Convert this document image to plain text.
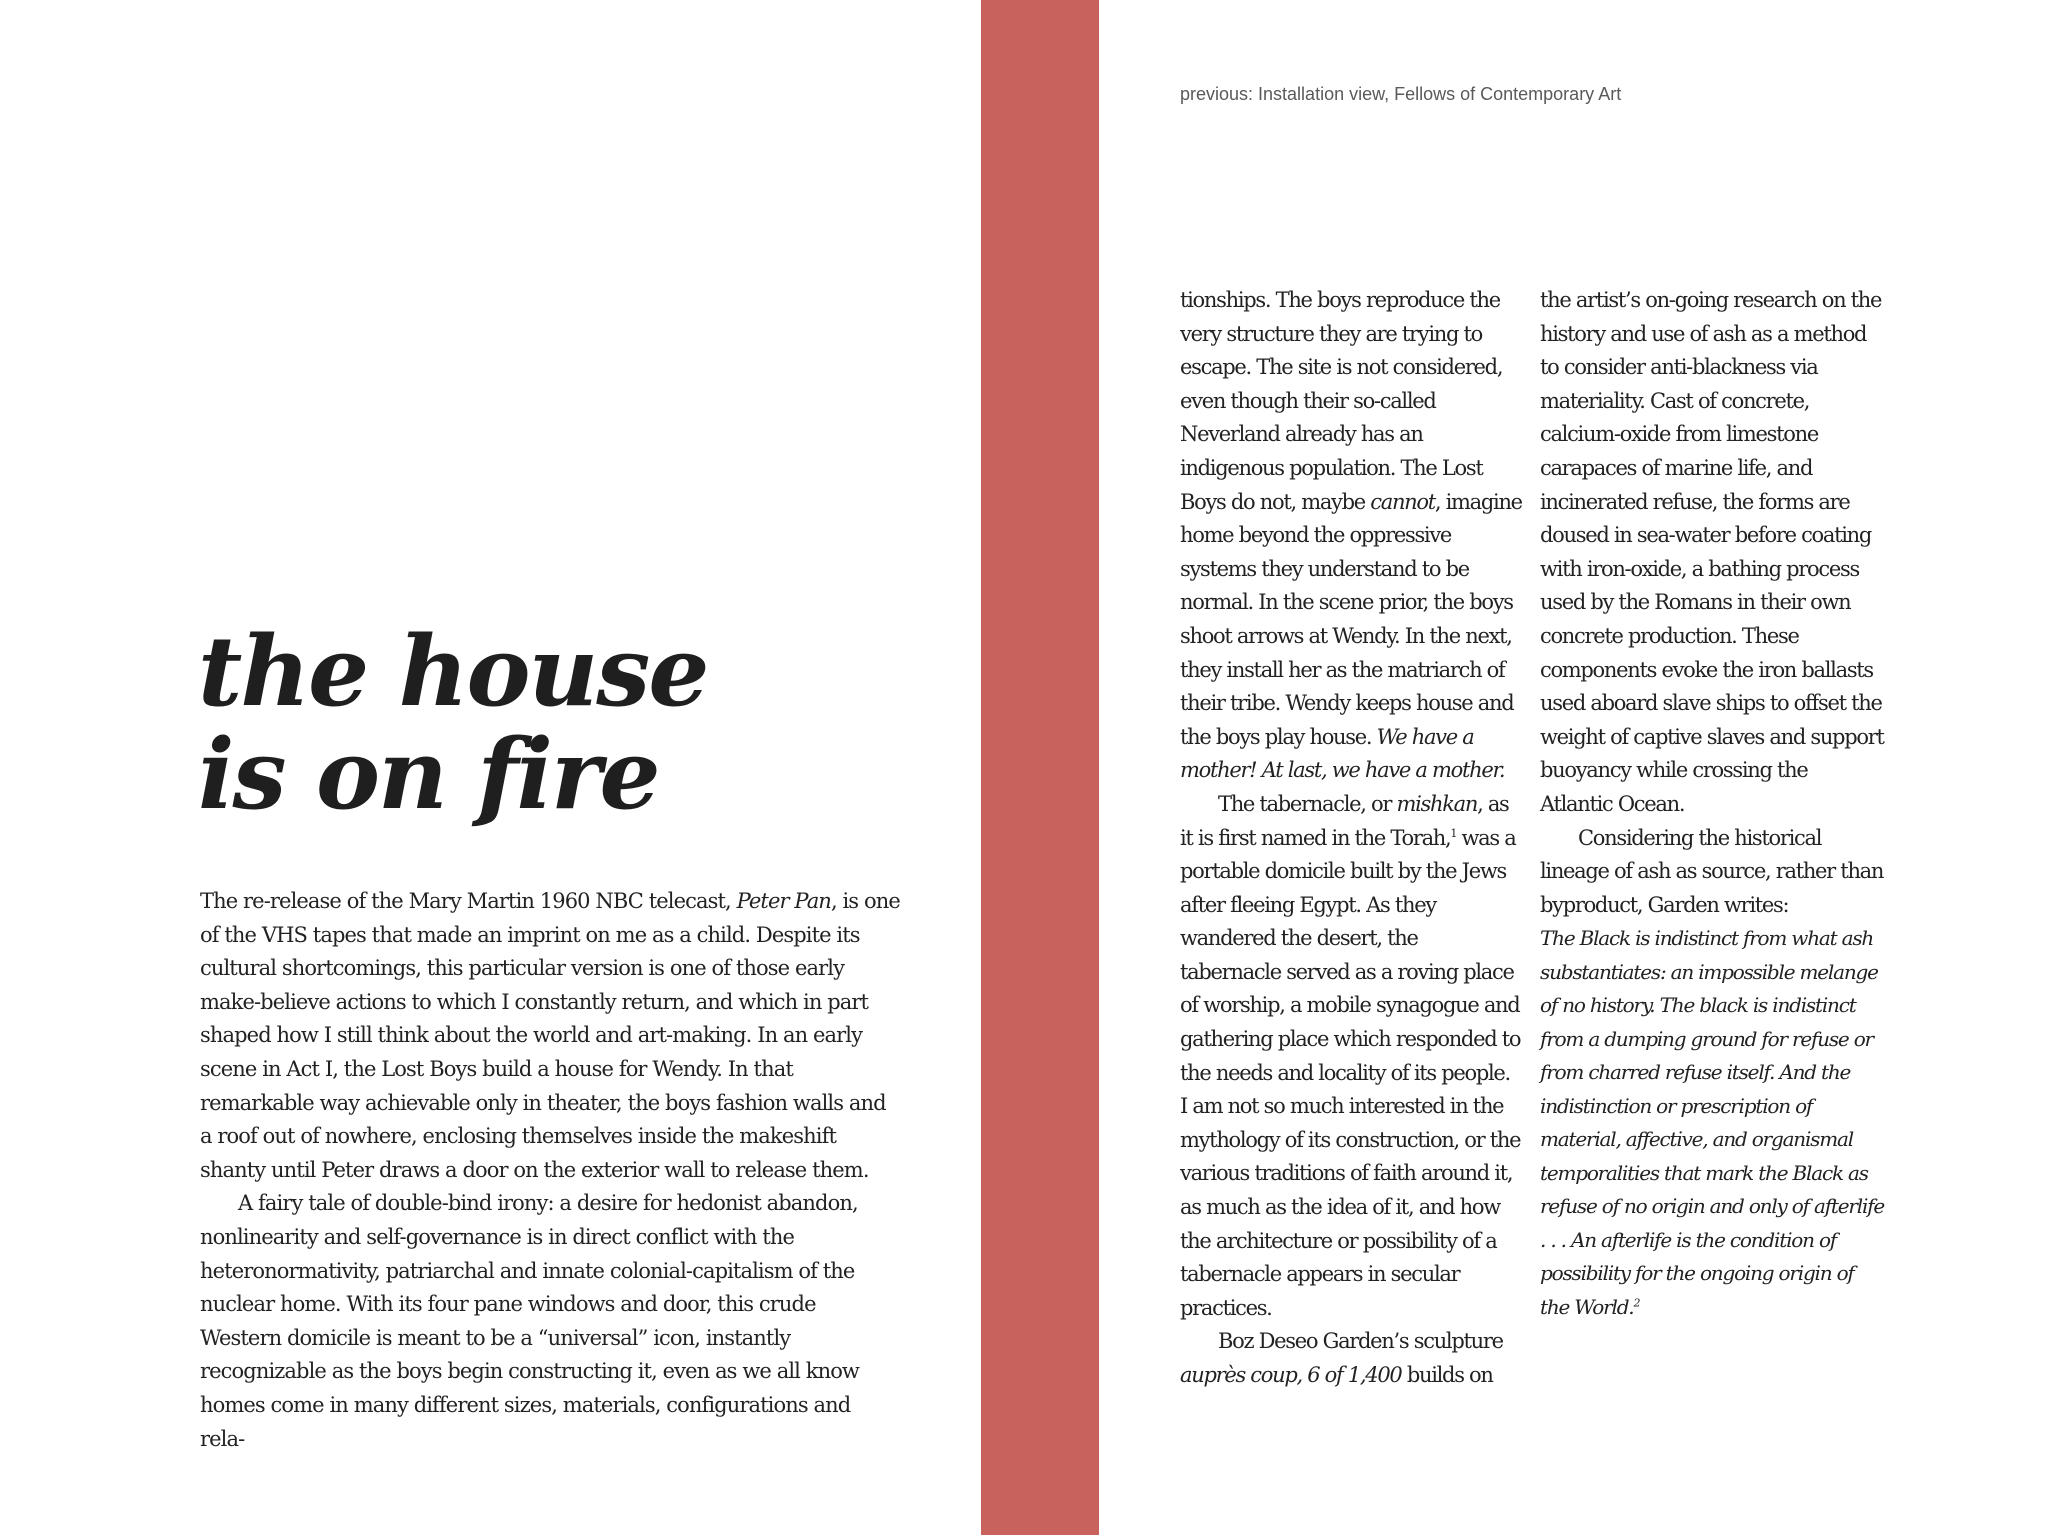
previous: Installation view, Fellows of Contemporary Art
the house
is on fire

The re-release of the Mary Martin 1960 NBC telecast, Peter Pan, is one of the VHS tapes that made an imprint on me as a child. Despite its cultural shortcomings, this particular version is one of those early make-believe actions to which I constantly return, and which in part shaped how I still think about the world and art-making. In an early scene in Act I, the Lost Boys build a house for Wendy. In that remarkable way achievable only in theater, the boys fashion walls and a roof out of nowhere, enclosing themselves inside the makeshift shanty until Peter draws a door on the exterior wall to release them.

A fairy tale of double-bind irony: a desire for hedonist abandon, nonlinearity and self-governance is in direct conflict with the heteronormativity, patriarchal and innate colonial-capitalism of the nuclear home. With its four pane windows and door, this crude Western domicile is meant to be a “universal” icon, instantly recognizable as the boys begin constructing it, even as we all know homes come in many different sizes, materials, configurations and rela-

tionships. The boys reproduce the very structure they are trying to escape. The site is not considered, even though their so-called Neverland already has an indigenous population. The Lost Boys do not, maybe cannot, imagine home beyond the oppressive systems they understand to be normal. In the scene prior, the boys shoot arrows at Wendy. In the next, they install her as the matriarch of their tribe. Wendy keeps house and the boys play house. We have a mother! At last, we have a mother.

The tabernacle, or mishkan, as it is first named in the Torah,$^1$ was a portable domicile built by the Jews after fleeing Egypt. As they wandered the desert, the tabernacle served as a roving place of worship, a mobile synagogue and gathering place which responded to the needs and locality of its people. I am not so much interested in the mythology of its construction, or the various traditions of faith around it, as much as the idea of it, and how the architecture or possibility of a tabernacle appears in secular practices.

Boz Deseo Garden’s sculpture auprès coup, 6 of 1,400 builds on

the artist’s on-going research on the history and use of ash as a method to consider anti-blackness via materiality. Cast of concrete, calcium-oxide from limestone carapaces of marine life, and incinerated refuse, the forms are doused in sea-water before coating with iron-oxide, a bathing process used by the Romans in their own concrete production. These components evoke the iron ballasts used aboard slave ships to offset the weight of captive slaves and support buoyancy while crossing the Atlantic Ocean.

Considering the historical lineage of ash as source, rather than byproduct, Garden writes:

The Black is indistinct from what ash substantiates: an impossible melange of no history. The black is indistinct from a dumping ground for refuse or from charred refuse itself. And the indistinction or prescription of material, affective, and organismal temporalities that mark the Black as refuse of no origin and only of afterlife . . . An afterlife is the condition of possibility for the ongoing origin of the World.$^2$
